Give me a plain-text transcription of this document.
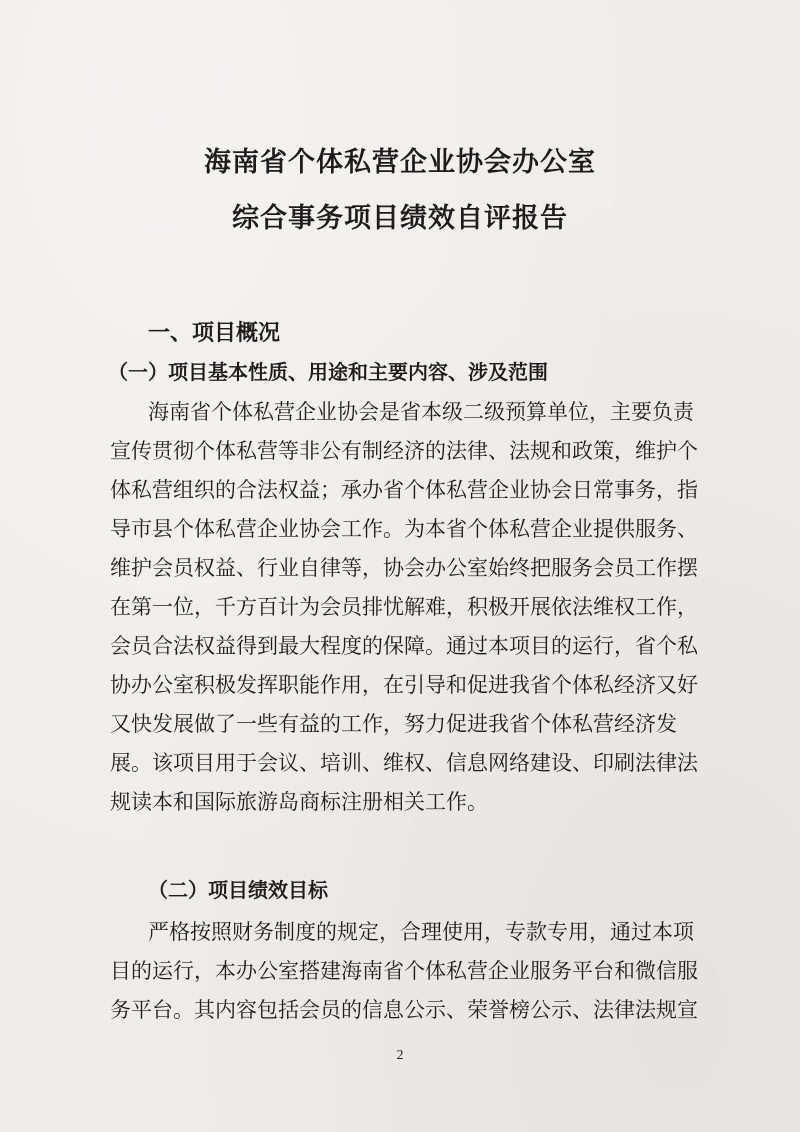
海南省个体私营企业协会办公室
综合事务项目绩效自评报告
一、项目概况
（一）项目基本性质、用途和主要内容、涉及范围
海南省个体私营企业协会是省本级二级预算单位，主要负责
宣传贯彻个体私营等非公有制经济的法律、法规和政策，维护个
体私营组织的合法权益；承办省个体私营企业协会日常事务，指
导市县个体私营企业协会工作。为本省个体私营企业提供服务、
维护会员权益、行业自律等，协会办公室始终把服务会员工作摆
在第一位，千方百计为会员排忧解难，积极开展依法维权工作，
会员合法权益得到最大程度的保障。通过本项目的运行，省个私
协办公室积极发挥职能作用，在引导和促进我省个体私经济又好
又快发展做了一些有益的工作，努力促进我省个体私营经济发
展。该项目用于会议、培训、维权、信息网络建设、印刷法律法
规读本和国际旅游岛商标注册相关工作。
（二）项目绩效目标
严格按照财务制度的规定，合理使用，专款专用，通过本项
目的运行，本办公室搭建海南省个体私营企业服务平台和微信服
务平台。其内容包括会员的信息公示、荣誉榜公示、法律法规宣
2
